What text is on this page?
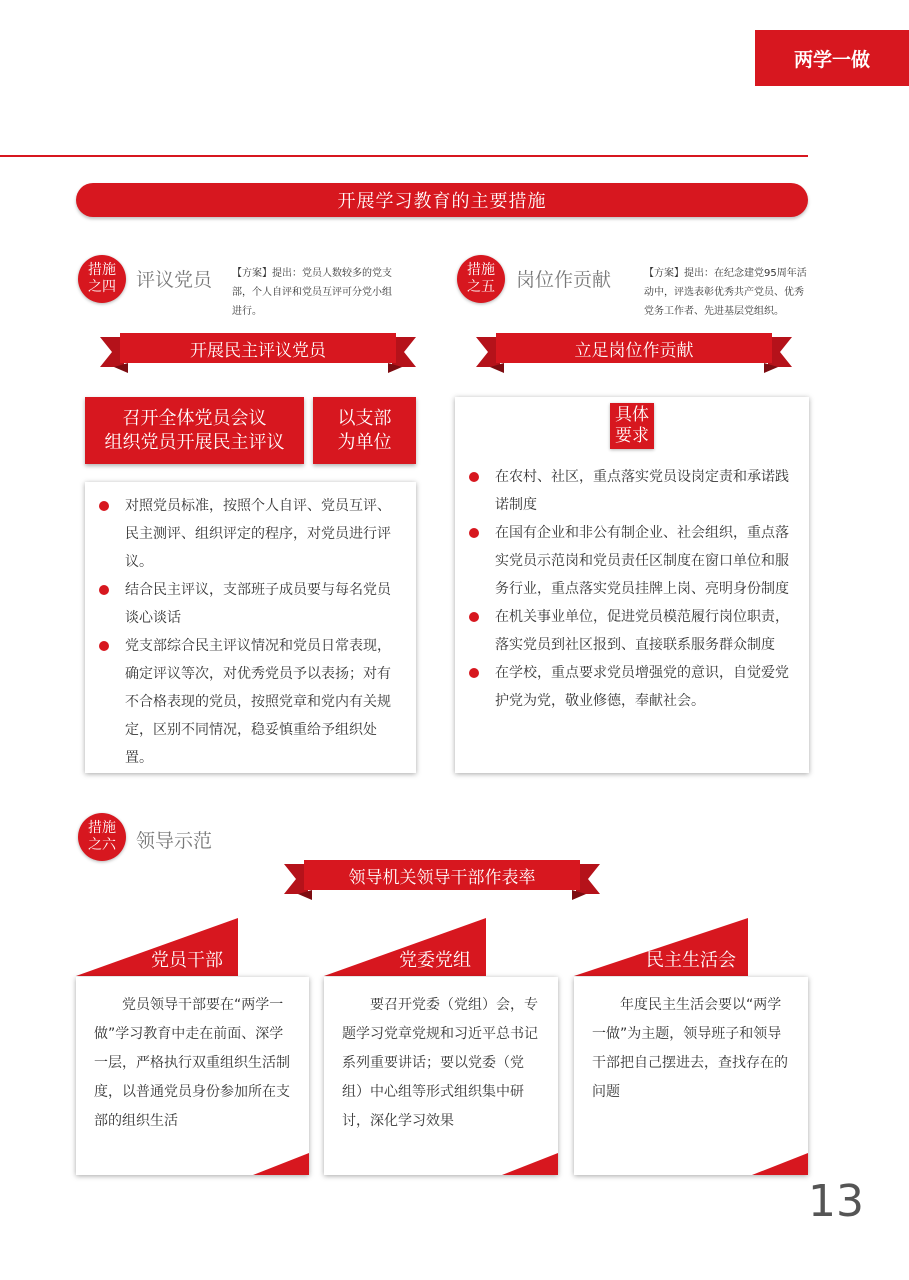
两学一做
开展学习教育的主要措施
措施
之四 评议党员 【方案】提出：党员人数较多的党支
部，个人自评和党员互评可分党小组
进行。
措施
之五 岗位作贡献	【方案】提出：在纪念建党95周年活
动中，评选表彰优秀共产党员、优秀
党务工作者、先进基层党组织。
开展民主评议党员	立足岗位作贡献
召开全体党员会议
组织党员开展民主评议
以支部
为单位
对照党员标准，按照个人自评、党员互评、民主测评、组织评定的程序，对党员进行评议。
结合民主评议，支部班子成员要与每名党员谈心谈话
党支部综合民主评议情况和党员日常表现，确定评议等次，对优秀党员予以表扬；对有不合格表现的党员，按照党章和党内有关规定，区别不同情况，稳妥慎重给予组织处置。
具体
要求
在农村、社区，重点落实党员设岗定责和承诺践诺制度
在国有企业和非公有制企业、社会组织，重点落实党员示范岗和党员责任区制度在窗口单位和服务行业，重点落实党员挂牌上岗、亮明身份制度
在机关事业单位，促进党员模范履行岗位职责，落实党员到社区报到、直接联系服务群众制度
在学校，重点要求党员增强党的意识，自觉爱党护党为党，敬业修德，奉献社会。
措施
之六 领导示范
领导机关领导干部作表率
党员干部	党委党组	民主生活会
党员领导干部要在“两学一做”学习教育中走在前面、深学一层，严格执行双重组织生活制度，以普通党员身份参加所在支部的组织生活
要召开党委（党组）会，专题学习党章党规和习近平总书记系列重要讲话；要以党委（党组）中心组等形式组织集中研讨，深化学习效果
年度民主生活会要以“两学一做”为主题，领导班子和领导干部把自己摆进去，查找存在的问题
13
